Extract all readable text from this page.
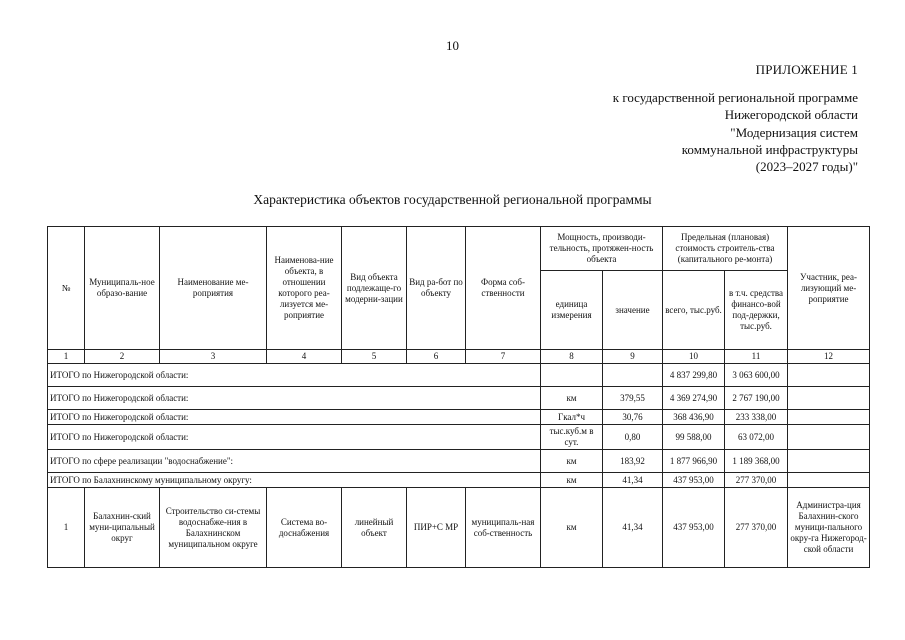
10
ПРИЛОЖЕНИЕ 1
к государственной региональной программе
Нижегородской области
"Модернизация систем
коммунальной инфраструктуры
(2023–2027 годы)"
Характеристика объектов государственной региональной программы
№	Муниципаль-ное образо-вание	Наименование ме-роприятия	Наименова-ние объекта, в отношении которого реа-лизуется ме-роприятие	Вид объекта подлежаще-го модерни-зации	Вид ра-бот по объекту	Форма соб-ственности	Мощность, производи-тельность, протяжен-ность объекта		Предельная (плановая) стоимость строитель-ства (капитального ре-монта)		Участник, реа-лизующий ме-роприятие
							единица измерения	значение	всего, тыс.руб.	в т.ч. средства финансо-вой под-держки, тыс.руб.	
1	2	3	4	5	6	7	8	9	10	11	12
ИТОГО по Нижегородской области:									4 837 299,80	3 063 600,00	
ИТОГО по Нижегородской области:							км	379,55	4 369 274,90	2 767 190,00	
ИТОГО по Нижегородской области:							Гкал*ч	30,76	368 436,90	233 338,00	
ИТОГО по Нижегородской области:							тыс.куб.м в сут.	0,80	99 588,00	63 072,00	
ИТОГО по сфере реализации "водоснабжение":							км	183,92	1 877 966,90	1 189 368,00	
ИТОГО по Балахнинскому муниципальному округу:							км	41,34	437 953,00	277 370,00	
1	Балахнин-ский муни-ципальный округ	Строительство си-стемы водоснабже-ния в Балахнинском муниципальном округе	Система во-доснабжения	линейный объект	ПИР+С МР	муниципаль-ная соб-ственность	км	41,34	437 953,00	277 370,00	Администра-ция Балахнин-ского муници-пального окру-га Нижегород-ской области
